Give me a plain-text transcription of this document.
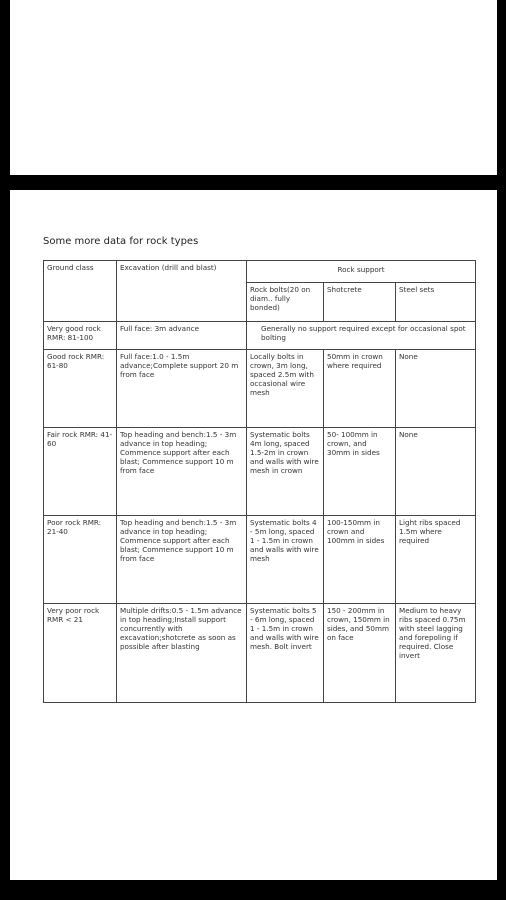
Some more data for rock types
Ground class	Excavation (drill and blast)	Rock support		
		Rock bolts(20 on diam.. fully bonded)	Shotcrete	Steel sets
Very good rock RMR: 81-100	Full face: 3m advance	Generally no support required except for occasional spot bolting		
Good rock RMR: 61-80	Full face:1.0 - 1.5m advance;Complete support 20 m from face	Locally bolts in crown, 3m long, spaced 2.5m with occasional wire mesh	50mm in crown where required	None
Fair rock RMR: 41-60	Top heading and bench:1.5 - 3m advance in top heading; Commence support after each blast; Commence support 10 m from face	Systematic bolts 4m long, spaced 1.5-2m in crown and walls with wire mesh in crown	50- 100mm in crown, and 30mm in sides	None
Poor rock RMR: 21-40	Top heading and bench:1.5 - 3m advance in top heading; Commence support after each blast; Commence support 10 m from face	Systematic bolts 4 - 5m long, spaced 1 - 1.5m in crown and walls with wire mesh	100-150mm in crown and 100mm in sides	Light ribs spaced 1.5m where required
Very poor rock RMR < 21	Multiple drifts:0.5 - 1.5m advance in top heading;Install support concurrently with excavation;shotcrete as soon as possible after blasting	Systematic bolts 5 - 6m long, spaced 1 - 1.5m in crown and walls with wire mesh. Bolt invert	150 - 200mm in crown, 150mm in sides, and 50mm on face	Medium to heavy ribs spaced 0.75m with steel lagging and forepoling if required. Close invert
